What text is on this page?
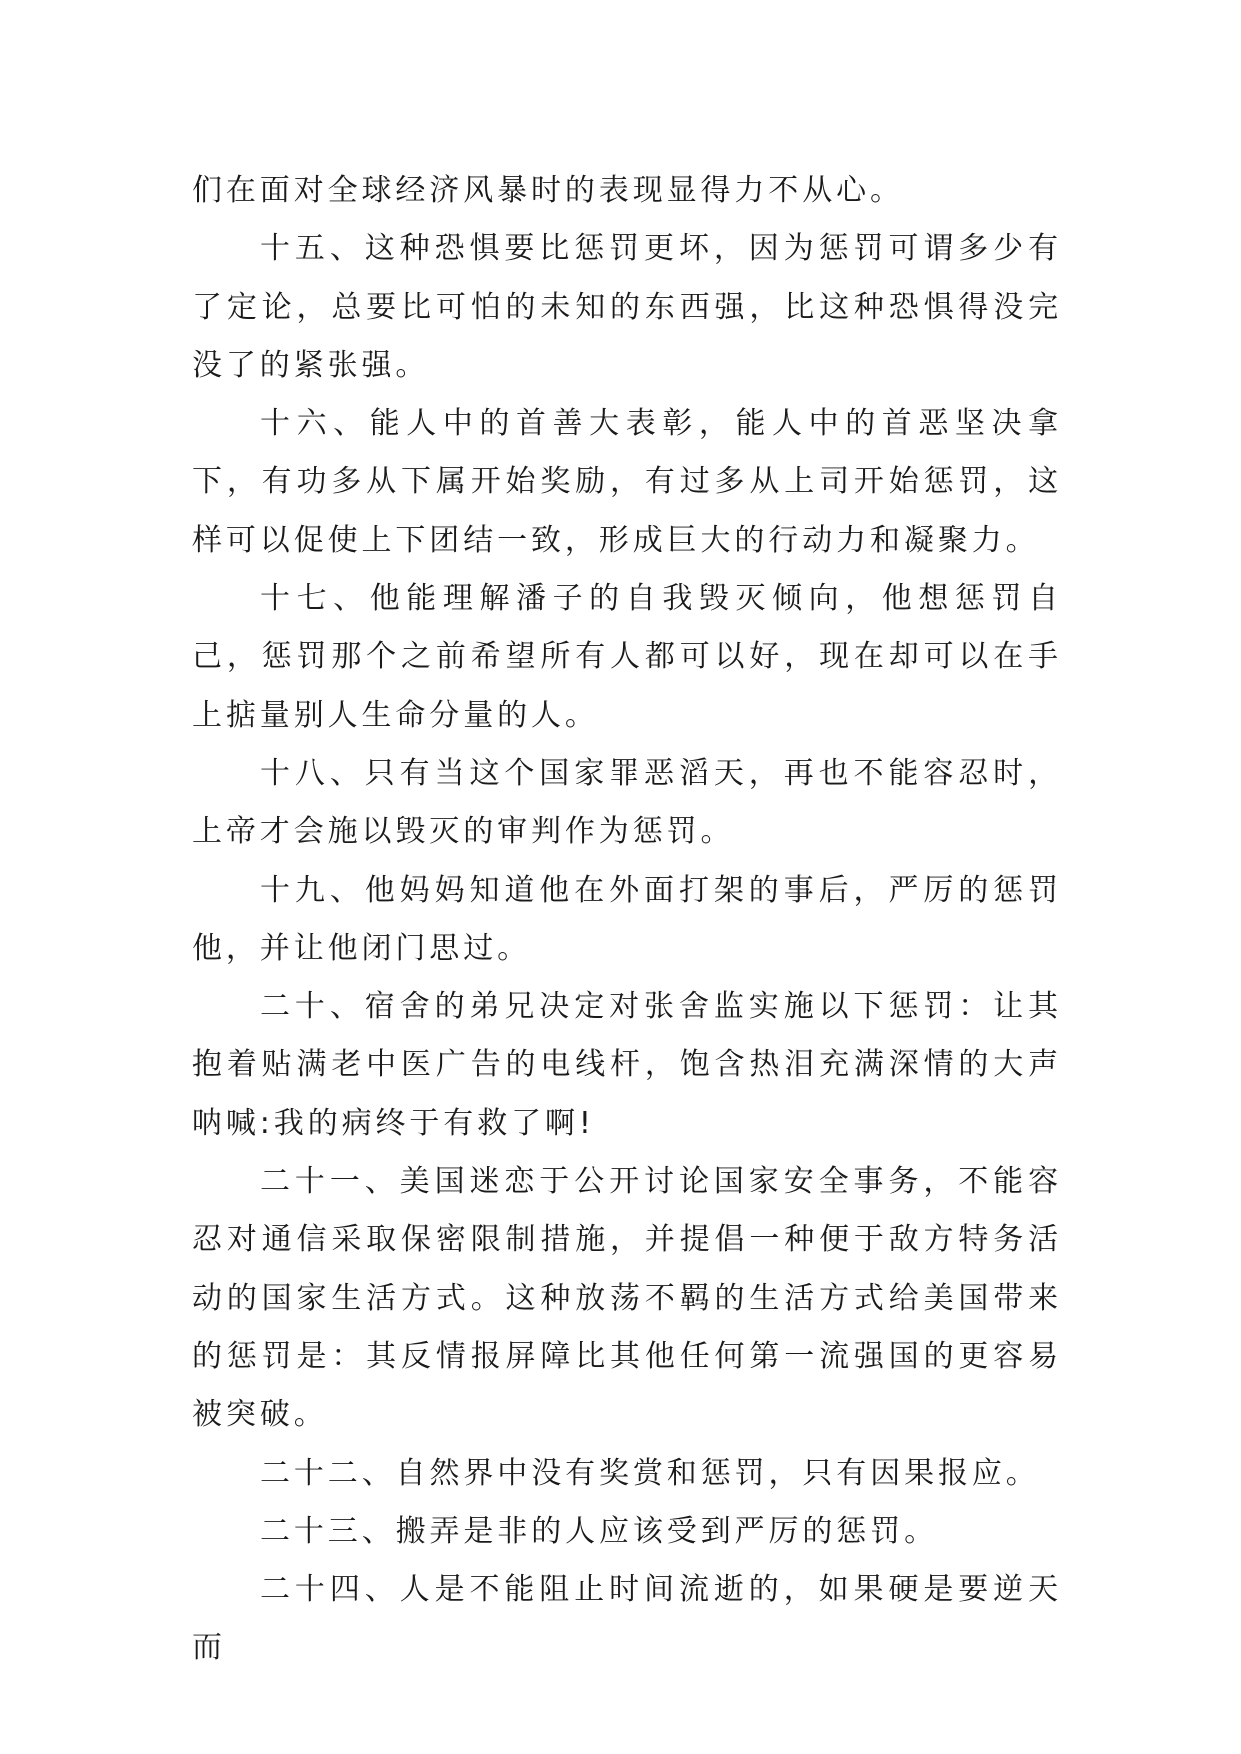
们在面对全球经济风暴时的表现显得力不从心。

十五、这种恐惧要比惩罚更坏，因为惩罚可谓多少有了定论，总要比可怕的未知的东西强，比这种恐惧得没完没了的紧张强。

十六、能人中的首善大表彰，能人中的首恶坚决拿下，有功多从下属开始奖励，有过多从上司开始惩罚，这样可以促使上下团结一致，形成巨大的行动力和凝聚力。

十七、他能理解潘子的自我毁灭倾向，他想惩罚自己，惩罚那个之前希望所有人都可以好，现在却可以在手上掂量别人生命分量的人。

十八、只有当这个国家罪恶滔天，再也不能容忍时，上帝才会施以毁灭的审判作为惩罚。

十九、他妈妈知道他在外面打架的事后，严厉的惩罚他，并让他闭门思过。

二十、宿舍的弟兄决定对张舍监实施以下惩罚：让其抱着贴满老中医广告的电线杆，饱含热泪充满深情的大声呐喊:我的病终于有救了啊!

二十一、美国迷恋于公开讨论国家安全事务，不能容忍对通信采取保密限制措施，并提倡一种便于敌方特务活动的国家生活方式。这种放荡不羁的生活方式给美国带来的惩罚是：其反情报屏障比其他任何第一流强国的更容易被突破。

二十二、自然界中没有奖赏和惩罚，只有因果报应。

二十三、搬弄是非的人应该受到严厉的惩罚。

二十四、人是不能阻止时间流逝的，如果硬是要逆天而
